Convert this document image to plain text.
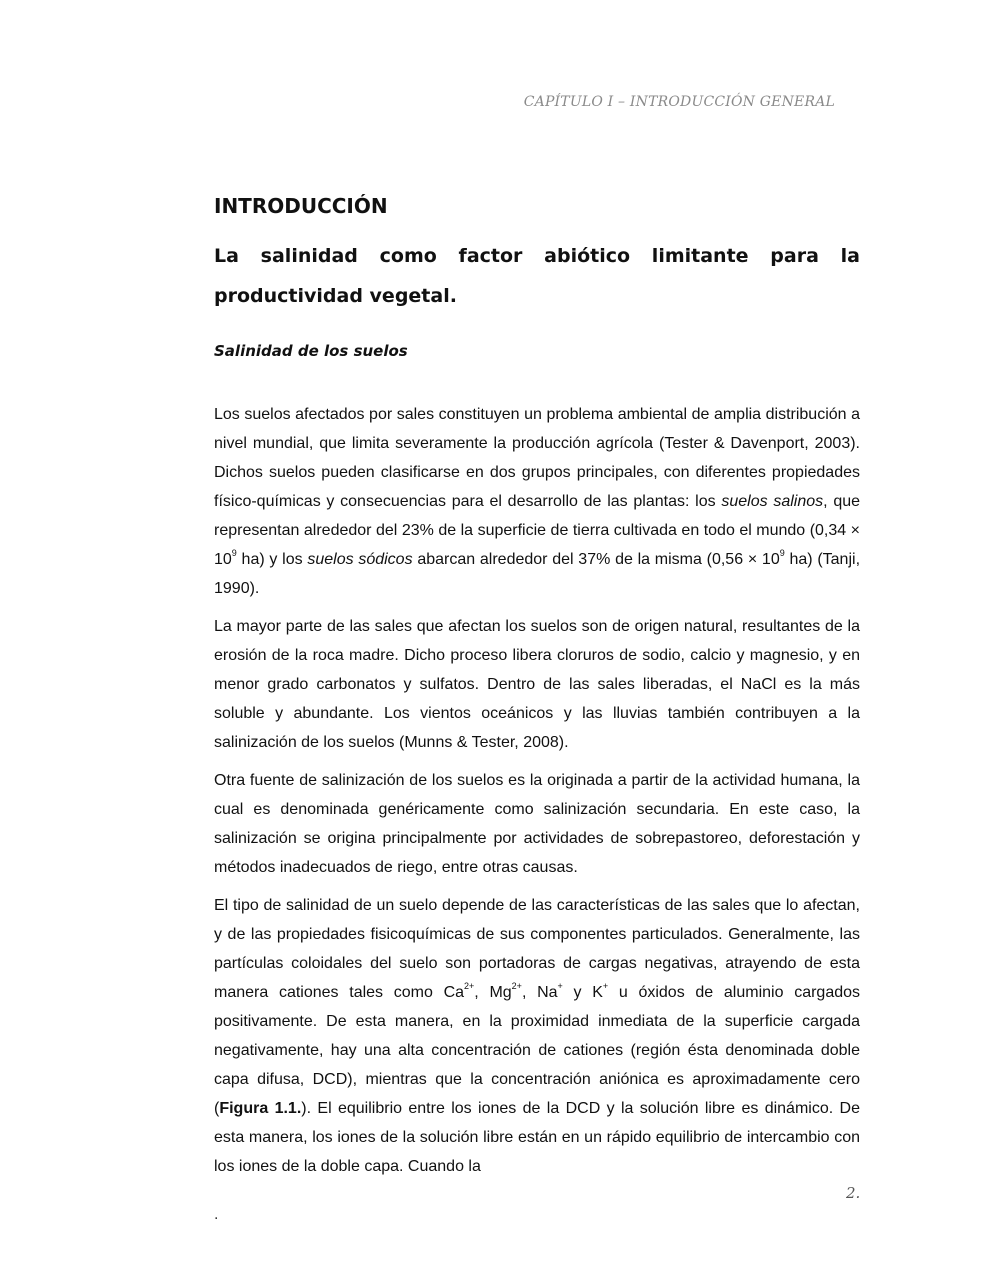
CAPÍTULO I – INTRODUCCIÓN GENERAL
INTRODUCCIÓN
La salinidad como factor abiótico limitante para la productividad vegetal.
Salinidad de los suelos

Los suelos afectados por sales constituyen un problema ambiental de amplia distribución a nivel mundial, que limita severamente la producción agrícola (Tester & Davenport, 2003). Dichos suelos pueden clasificarse en dos grupos principales, con diferentes propiedades físico-químicas y consecuencias para el desarrollo de las plantas: los suelos salinos, que representan alrededor del 23% de la superficie de tierra cultivada en todo el mundo ($0,34 \times 10^9$ ha) y los suelos sódicos abarcan alrededor del 37% de la misma ($0,56 \times 10^9$ ha) (Tanji, 1990).

La mayor parte de las sales que afectan los suelos son de origen natural, resultantes de la erosión de la roca madre. Dicho proceso libera cloruros de sodio, calcio y magnesio, y en menor grado carbonatos y sulfatos. Dentro de las sales liberadas, el NaCl es la más soluble y abundante. Los vientos oceánicos y las lluvias también contribuyen a la salinización de los suelos (Munns & Tester, 2008).

Otra fuente de salinización de los suelos es la originada a partir de la actividad humana, la cual es denominada genéricamente como salinización secundaria. En este caso, la salinización se origina principalmente por actividades de sobrepastoreo, deforestación y métodos inadecuados de riego, entre otras causas.

El tipo de salinidad de un suelo depende de las características de las sales que lo afectan, y de las propiedades fisicoquímicas de sus componentes particulados. Generalmente, las partículas coloidales del suelo son portadoras de cargas negativas, atrayendo de esta manera cationes tales como $Ca^{2+}$, $Mg^{2+}$, Na+ y K+ u óxidos de aluminio cargados positivamente. De esta manera, en la proximidad inmediata de la superficie cargada negativamente, hay una alta concentración de cationes (región ésta denominada doble capa difusa, DCD), mientras que la concentración aniónica es aproximadamente cero (Figura 1.1.). El equilibrio entre los iones de la DCD y la solución libre es dinámico. De esta manera, los iones de la solución libre están en un rápido equilibrio de intercambio con los iones de la doble capa. Cuando la

2.
.
